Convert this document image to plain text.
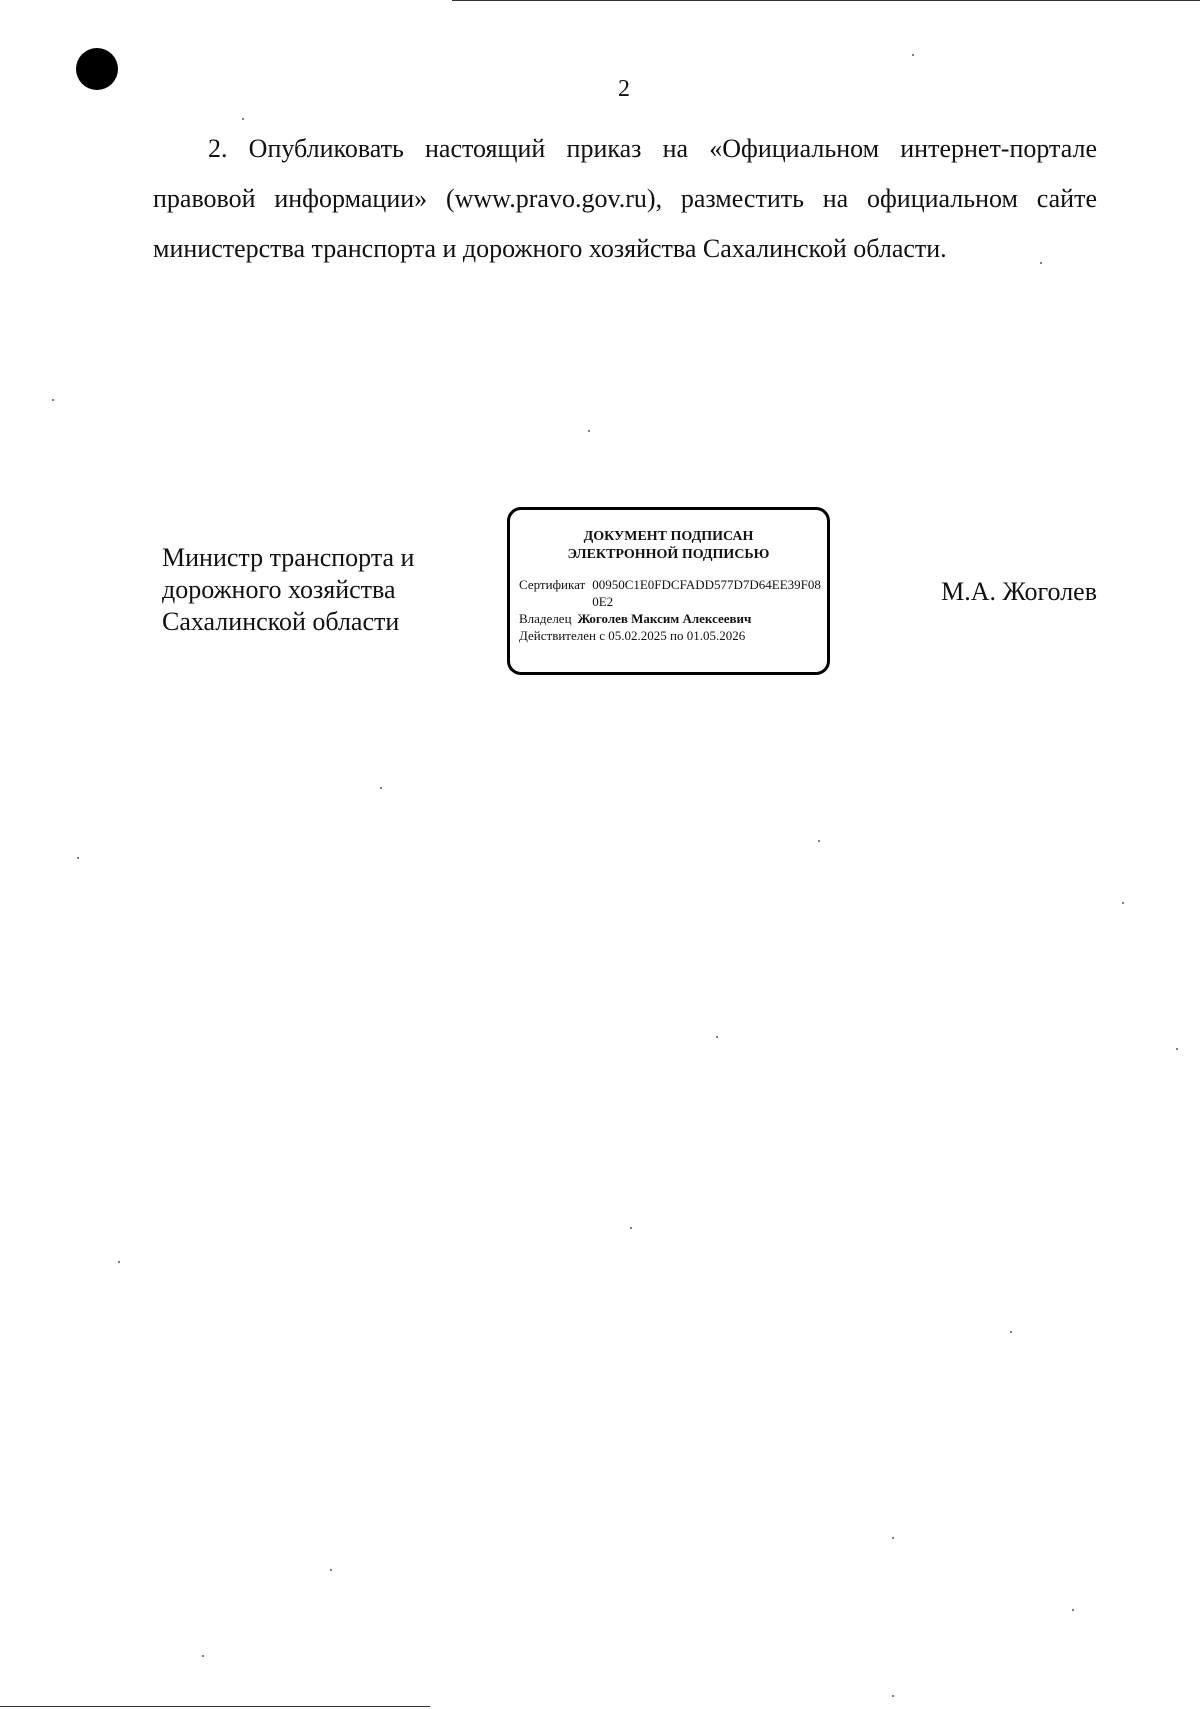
2

2. Опубликовать настоящий приказ на «Официальном интернет-портале правовой информации» (www.pravo.gov.ru), разместить на официальном сайте министерства транспорта и дорожного хозяйства Сахалинской области.

Министр транспорта и
дорожного хозяйства
Сахалинской области
ДОКУМЕНТ ПОДПИСАН
ЭЛЕКТРОННОЙ ПОДПИСЬЮ
Сертификат 00950C1E0FDCFADD577D7D64EE39F080E2
Владелец Жоголев Максим Алексеевич
Действителен с 05.02.2025 по 01.05.2026
М.А. Жоголев
